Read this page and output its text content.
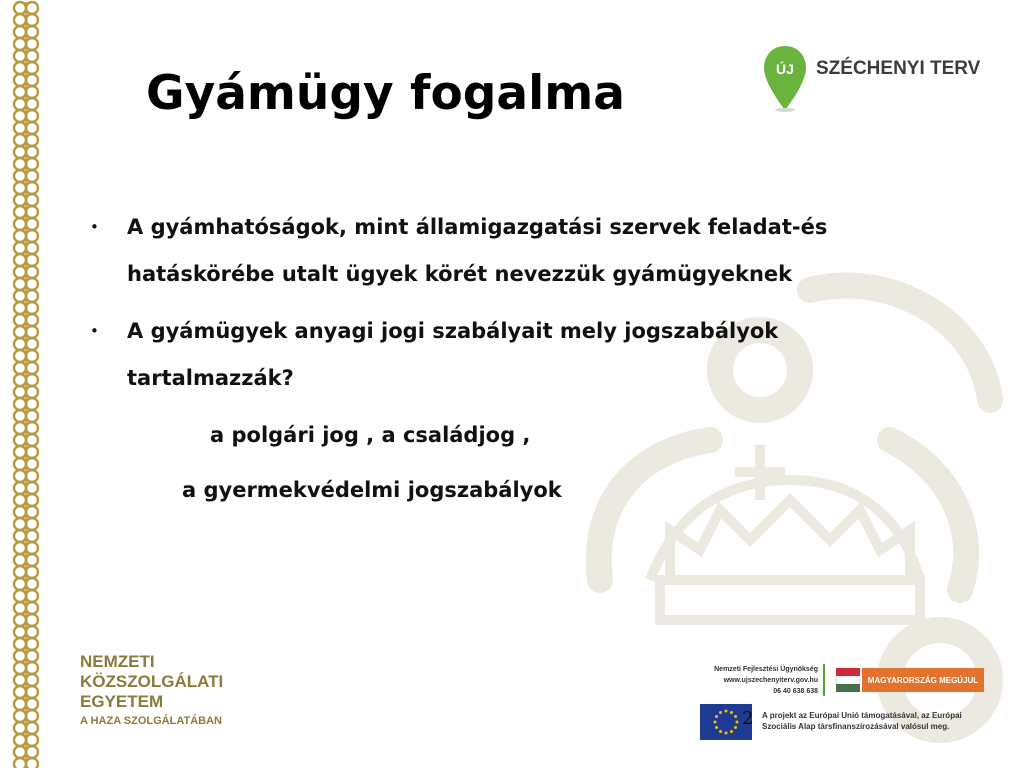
Gyámügy fogalma	ÚJ SZÉCHENYI TERV
• A gyámhatóságok, mint államigazgatási szervek feladat-és hatáskörébe utalt ügyek körét nevezzük gyámügyeknek
• A gyámügyek anyagi jogi szabályait mely jogszabályok tartalmazzák?
a polgári jog , a családjog ,
a gyermekvédelmi jogszabályok
NEMZETI
KÖZSZOLGÁLATI
EGYETEM
A HAZA SZOLGÁLATÁBAN
Nemzeti Fejlesztési Ügynökség
www.ujszechenyiterv.gov.hu
06 40 638 638
MAGYARORSZÁG MEGÚJUL
2 A projekt az Európai Unió támogatásával, az Európai
Szociális Alap társfinanszírozásával valósul meg.
